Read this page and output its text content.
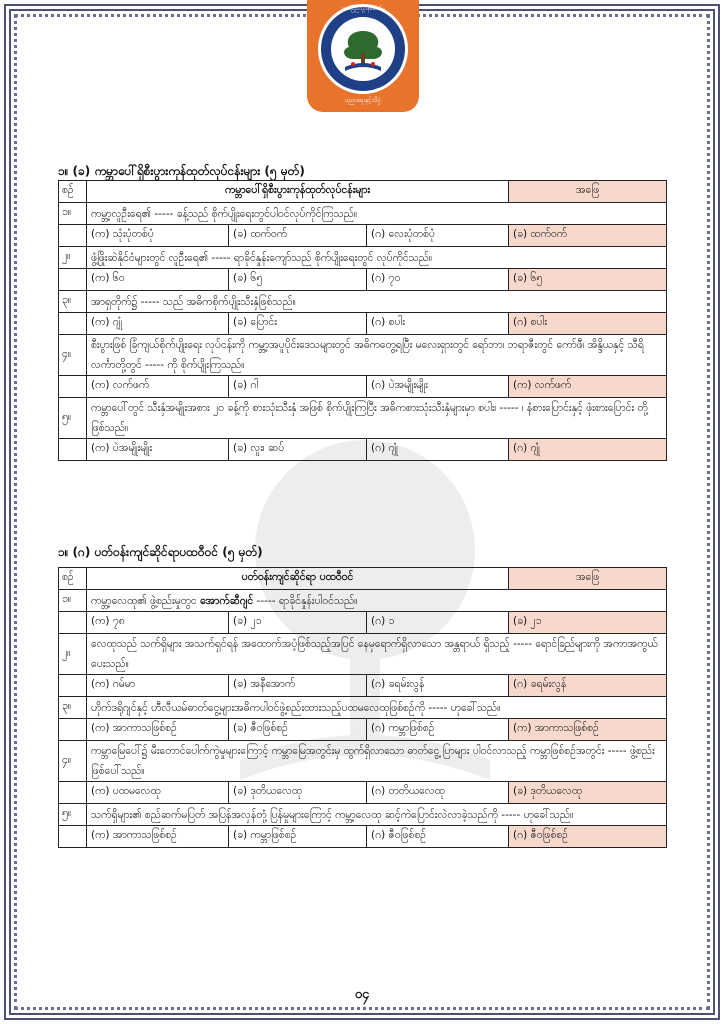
ဘဏ်ပြည်သူ့ဝန်ဆောင်မှု
ပညာရေးနှင့်သိပ္ပံ
၁။ (ခ) ကမ္ဘာပေါ်ရှိစီးပွားကုန်ထုတ်လုပ်ငန်းများ (၅ မှတ်)
စဉ်	ကမ္ဘာပေါ်ရှိစီးပွားကုန်ထုတ်လုပ်ငန်းများ			အဖြေ
၁။	ကမ္ဘာ့လူဦးရေ၏ ----- ခန့်သည် စိုက်ပျိုးရေးတွင်ပါဝင်လုပ်ကိုင်ကြသည်။			
	(က) သုံးပုံတစ်ပုံ	(ခ) ထက်ဝက်	(ဂ) လေးပုံတစ်ပုံ	(ခ) ထက်ဝက်
၂။	ဖွံ့ဖြိုးဆဲနိုင်ငံများတွင် လူဦးရေ၏ ----- ရာခိုင်နှုန်းကျော်သည် စိုက်ပျိုးရေးတွင် လုပ်ကိုင်သည်။			
	(က) ၆၀	(ခ) ၆၅	(ဂ) ၇၀	(ခ) ၆၅
၃။	အာရှတိုက်၌ ----- သည် အဓိကစိုက်ပျိုးသီးနှံဖြစ်သည်။			
	(က) ဂျုံ	(ခ) ပြောင်း	(ဂ) စပါး	(ဂ) စပါး
၄။	စီးပွားဖြစ် ခြံကျယ်စိုက်ပျိုးရေး လုပ်ငန်းကို ကမ္ဘာ့အပူပိုင်းဒေသများတွင် အဓိကတွေ့ရပြီး မလေးရှားတွင် ရော်ဘာ၊ ဘရာဇီးတွင် ကော်ဖီ၊ အိန္ဒိယနှင့် သီရိလင်္ကာတို့တွင် ----- ကို စိုက်ပျိုးကြသည်။			
	(က) လက်ဖက်	(ခ) ဂါ	(ဂ) ပဲအမျိုးမျိုး	(က) လက်ဖက်
၅။	ကမ္ဘာပေါ်တွင် သီးနှံအမျိုးအစား ၂၀ ခန့်ကို စားသုံးသီးနှံ အဖြစ် စိုက်ပျိုးကြပြီး အဓိကစားသုံးသီးနှံများမှာ စပါး၊ ----- ၊ နံစားပြောင်းနှင့် ဖုံးစားပြောင်း တို့ဖြစ်သည်။			
	(က) ပဲအမျိုးမျိုး	(ခ) လူး၊ ဆပ်	(ဂ) ဂျုံ	(ဂ) ဂျုံ
၁။ (ဂ) ပတ်ဝန်းကျင်ဆိုင်ရာပထဝီဝင် (၅ မှတ်)
စဉ်	ပတ်ဝန်းကျင်ဆိုင်ရာ ပထဝီဝင်			အဖြေ
၁။	ကမ္ဘာ့လေထု၏ ဖွဲ့စည်းမှုတွင အောက်ဆီဂျင် ----- ရာခိုင်နှုန်းပါဝင်သည်။			
	(က) ၇၈	(ခ) ၂၁	(ဂ) ၁	(ခ) ၂၁
၂။	လေထုသည် သက်ရှိများ အသက်ရှင်ရန် အထောက်အပံ့ဖြစ်သည့်အပြင် နေမှရောက်ရှိလာသော အန္တရာယ် ရှိသည့် ----- ရောင်ခြည်များကို အကာအကွယ်ပေးသည်။			
	(က) ဂမ်မာ	(ခ) အနီအောက်	(ဂ) ခရမ်းလွန်	(ဂ) ခရမ်းလွန်
၃။	ဟိုက်ဒရိုဂျင်နှင့် ဟီလီယမ်ဓာတ်ငွေ့များအဓိကပါဝင်ဖွဲ့စည်းထားသည့်ပထမလေထုဖြစ်စဉ်ကို ----- ဟုခေါ်သည်။			
	(က) အာကာသဖြစ်စဉ်	(ခ) ဇီဝဖြစ်စဉ်	(ဂ) ကမ္ဘာဖြစ်စဉ်	(က) အာကာသဖြစ်စဉ်
၄။	ကမ္ဘာမြေပေါ်၌ မီးတောင်ပေါက်ကွဲမှုများကြောင့် ကမ္ဘာမြေအတွင်းမှ ထွက်ရှိလာသော ဓာတ်ငွေ့ ပြာများ ပါဝင်လာသည့် ကမ္ဘာဖြစ်စဉ်အတွင်း ----- ဖွဲ့စည်းဖြစ်ပေါ်သည်။			
	(က) ပထမလေထု	(ခ) ဒုတိယလေထု	(ဂ) တတိယလေထု	(ခ) ဒုတိယလေထု
၅။	သက်ရှိများ၏ စည်ဆက်မပြတ် အပြန်အလှန်တုံ့ ပြန်မှုများကြောင့် ကမ္ဘာ့လေထု ဆင့်ကဲပြောင်းလဲလာခဲ့သည်ကို ----- ဟုခေါ်သည်။			
	(က) အာကာသဖြစ်စဉ်	(ခ) ကမ္ဘာဖြစ်စဉ်	(ဂ) ဇီဝဖြစ်စဉ်	(ဂ) ဇီဝဖြစ်စဉ်
၀၄
